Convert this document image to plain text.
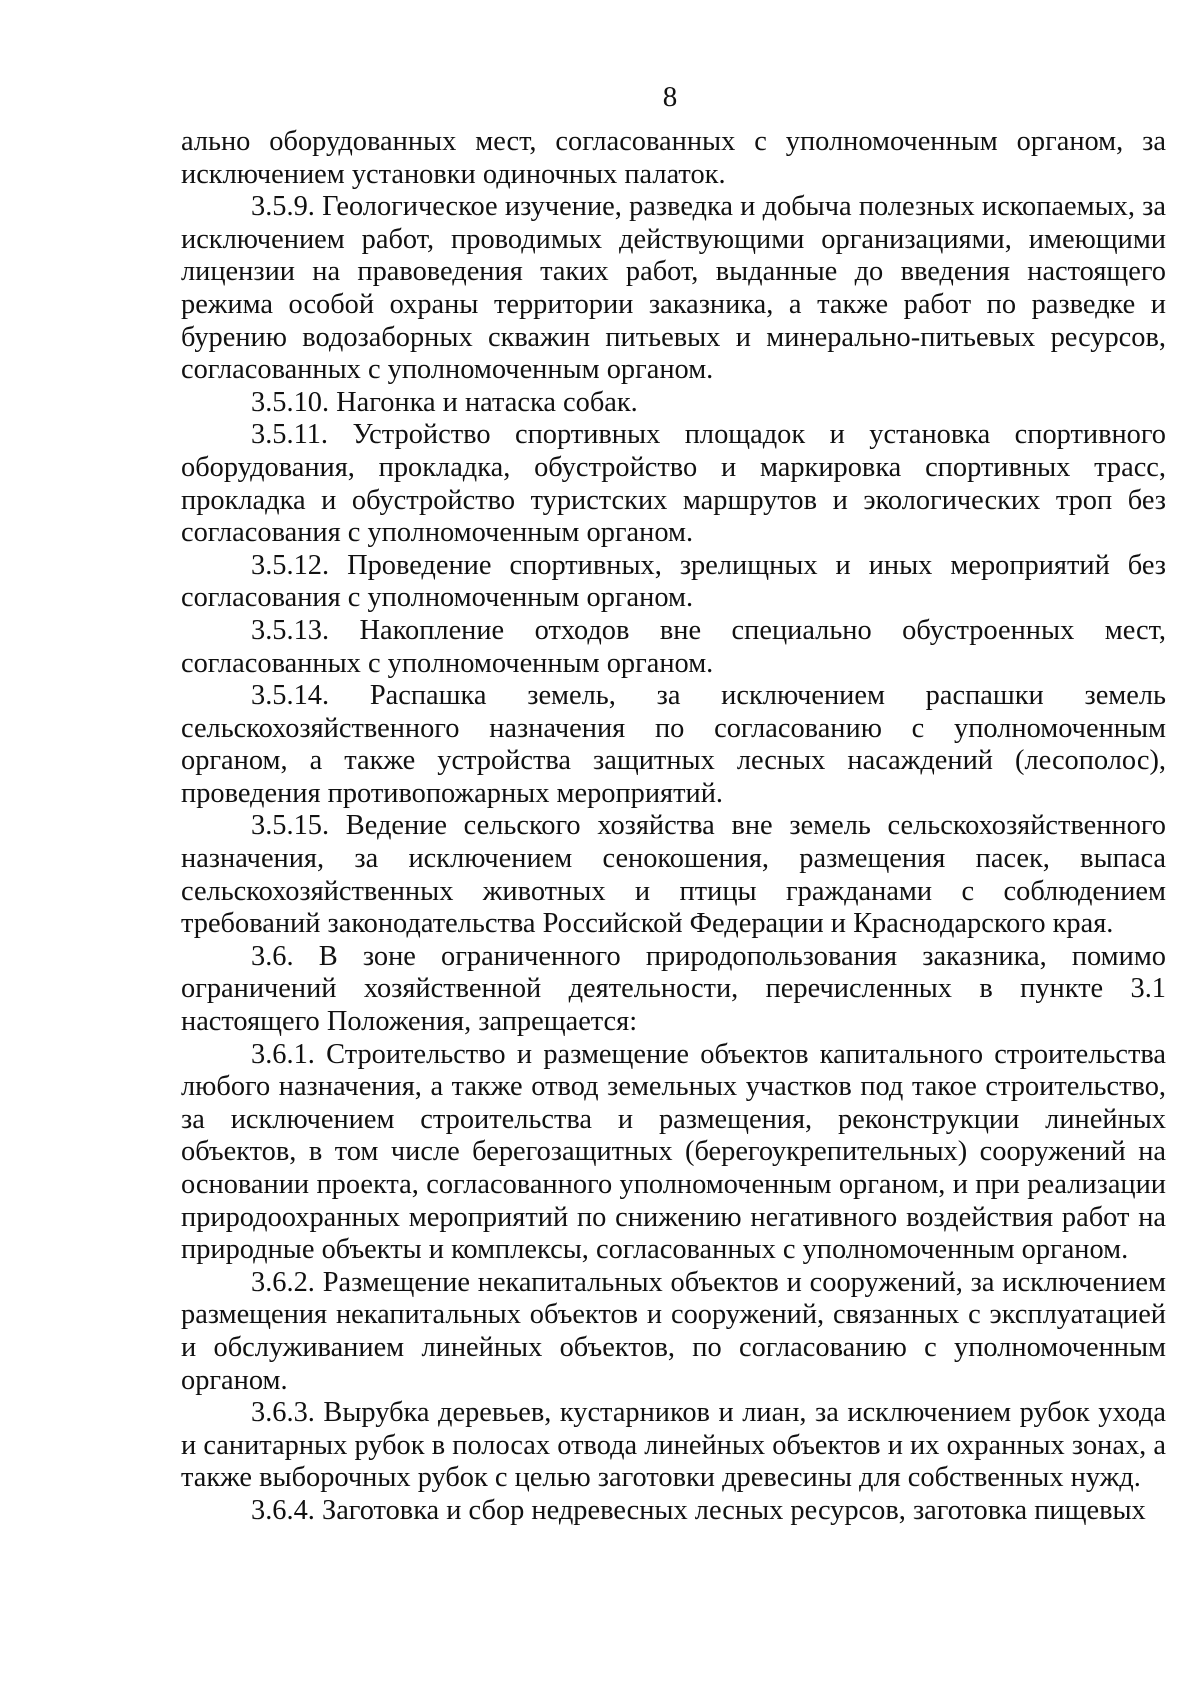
8

ально оборудованных мест, согласованных с уполномоченным органом, за исключением установки одиночных палаток.

3.5.9. Геологическое изучение, разведка и добыча полезных ископаемых, за исключением работ, проводимых действующими организациями, имеющими лицензии на правоведения таких работ, выданные до введения настоящего режима особой охраны территории заказника, а также работ по разведке и бурению водозаборных скважин питьевых и минерально-питьевых ресурсов, согласованных с уполномоченным органом.

3.5.10. Нагонка и натаска собак.

3.5.11. Устройство спортивных площадок и установка спортивного оборудования, прокладка, обустройство и маркировка спортивных трасс, прокладка и обустройство туристских маршрутов и экологических троп без согласования с уполномоченным органом.

3.5.12. Проведение спортивных, зрелищных и иных мероприятий без согласования с уполномоченным органом.

3.5.13. Накопление отходов вне специально обустроенных мест, согласованных с уполномоченным органом.

3.5.14. Распашка земель, за исключением распашки земель сельскохозяйственного назначения по согласованию с уполномоченным органом, а также устройства защитных лесных насаждений (лесополос), проведения противопожарных мероприятий.

3.5.15. Ведение сельского хозяйства вне земель сельскохозяйственного назначения, за исключением сенокошения, размещения пасек, выпаса сельскохозяйственных животных и птицы гражданами с соблюдением требований законодательства Российской Федерации и Краснодарского края.

3.6. В зоне ограниченного природопользования заказника, помимо ограничений хозяйственной деятельности, перечисленных в пункте 3.1 настоящего Положения, запрещается:

3.6.1. Строительство и размещение объектов капитального строительства любого назначения, а также отвод земельных участков под такое строительство, за исключением строительства и размещения, реконструкции линейных объектов, в том числе берегозащитных (берегоукрепительных) сооружений на основании проекта, согласованного уполномоченным органом, и при реализации природоохранных мероприятий по снижению негативного воздействия работ на природные объекты и комплексы, согласованных с уполномоченным органом.

3.6.2. Размещение некапитальных объектов и сооружений, за исключением размещения некапитальных объектов и сооружений, связанных с эксплуатацией и обслуживанием линейных объектов, по согласованию с уполномоченным органом.

3.6.3. Вырубка деревьев, кустарников и лиан, за исключением рубок ухода и санитарных рубок в полосах отвода линейных объектов и их охранных зонах, а также выборочных рубок с целью заготовки древесины для собственных нужд.

3.6.4. Заготовка и сбор недревесных лесных ресурсов, заготовка пищевых
